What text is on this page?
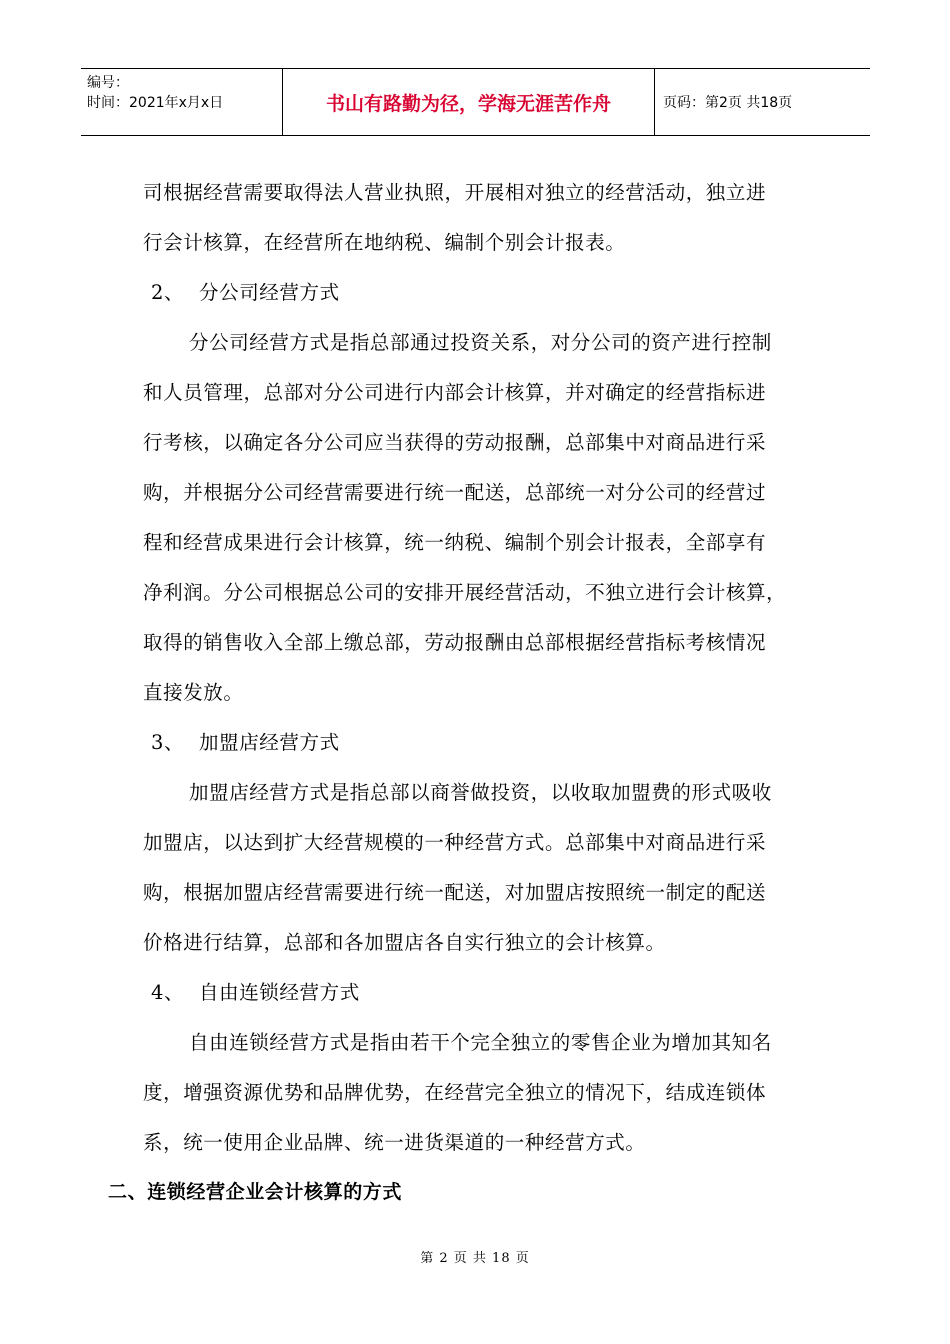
编号：
时间：2021年x月x日	书山有路勤为径，学海无涯苦作舟	页码：第2页 共18页
司根据经营需要取得法人营业执照，开展相对独立的经营活动，独立进
行会计核算，在经营所在地纳税、编制个别会计报表。
2、 分公司经营方式
分公司经营方式是指总部通过投资关系，对分公司的资产进行控制
和人员管理，总部对分公司进行内部会计核算，并对确定的经营指标进
行考核，以确定各分公司应当获得的劳动报酬，总部集中对商品进行采
购，并根据分公司经营需要进行统一配送，总部统一对分公司的经营过
程和经营成果进行会计核算，统一纳税、编制个别会计报表，全部享有
净利润。分公司根据总公司的安排开展经营活动，不独立进行会计核算，
取得的销售收入全部上缴总部，劳动报酬由总部根据经营指标考核情况
直接发放。
3、 加盟店经营方式
加盟店经营方式是指总部以商誉做投资，以收取加盟费的形式吸收
加盟店，以达到扩大经营规模的一种经营方式。总部集中对商品进行采
购，根据加盟店经营需要进行统一配送，对加盟店按照统一制定的配送
价格进行结算，总部和各加盟店各自实行独立的会计核算。
4、 自由连锁经营方式
自由连锁经营方式是指由若干个完全独立的零售企业为增加其知名
度，增强资源优势和品牌优势，在经营完全独立的情况下，结成连锁体
系，统一使用企业品牌、统一进货渠道的一种经营方式。
二、连锁经营企业会计核算的方式
第 2 页 共 18 页
